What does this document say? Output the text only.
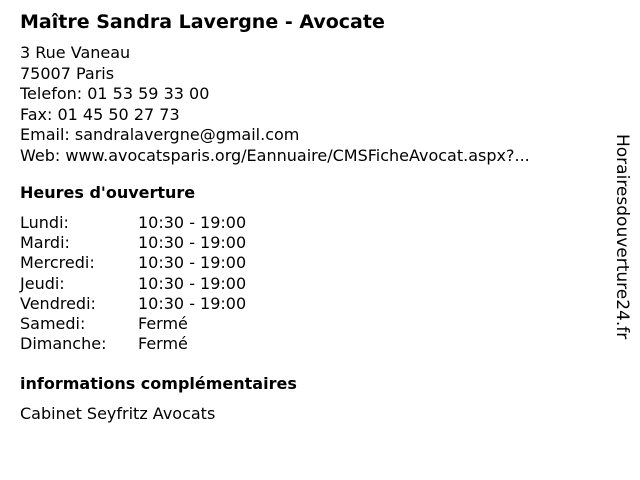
Maître Sandra Lavergne - Avocate
3 Rue Vaneau
75007 Paris
Telefon: 01 53 59 33 00
Fax: 01 45 50 27 73
Email: sandralavergne@gmail.com
Web: www.avocatsparis.org/Eannuaire/CMSFicheAvocat.aspx?...
Heures d'ouverture
Lundi:	10:30 - 19:00
Mardi:	10:30 - 19:00
Mercredi:	10:30 - 19:00
Jeudi:	10:30 - 19:00
Vendredi:	10:30 - 19:00
Samedi:	Fermé
Dimanche:	Fermé
informations complémentaires
Cabinet Seyfritz Avocats
Horairesdouverture24.fr
